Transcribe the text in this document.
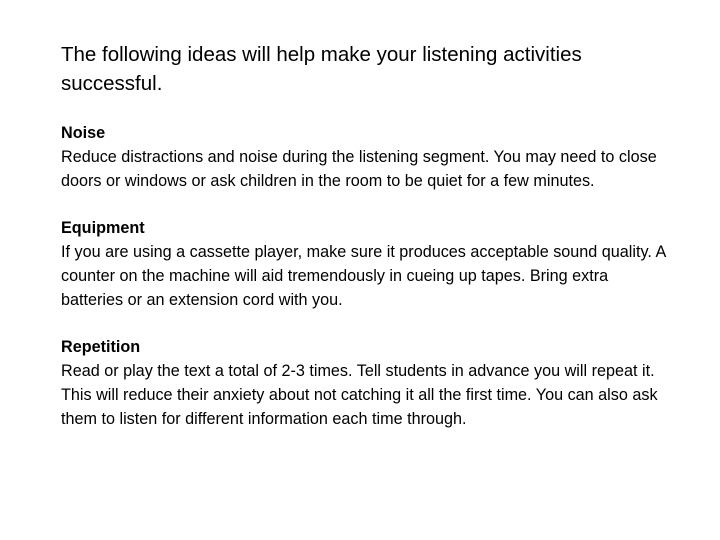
The following ideas will help make your listening activities successful.

Noise
Reduce distractions and noise during the listening segment. You may need to close doors or windows or ask children in the room to be quiet for a few minutes.
Equipment
If you are using a cassette player, make sure it produces acceptable sound quality. A counter on the machine will aid tremendously in cueing up tapes. Bring extra batteries or an extension cord with you.
Repetition
Read or play the text a total of 2-3 times. Tell students in advance you will repeat it. This will reduce their anxiety about not catching it all the first time. You can also ask them to listen for different information each time through.
